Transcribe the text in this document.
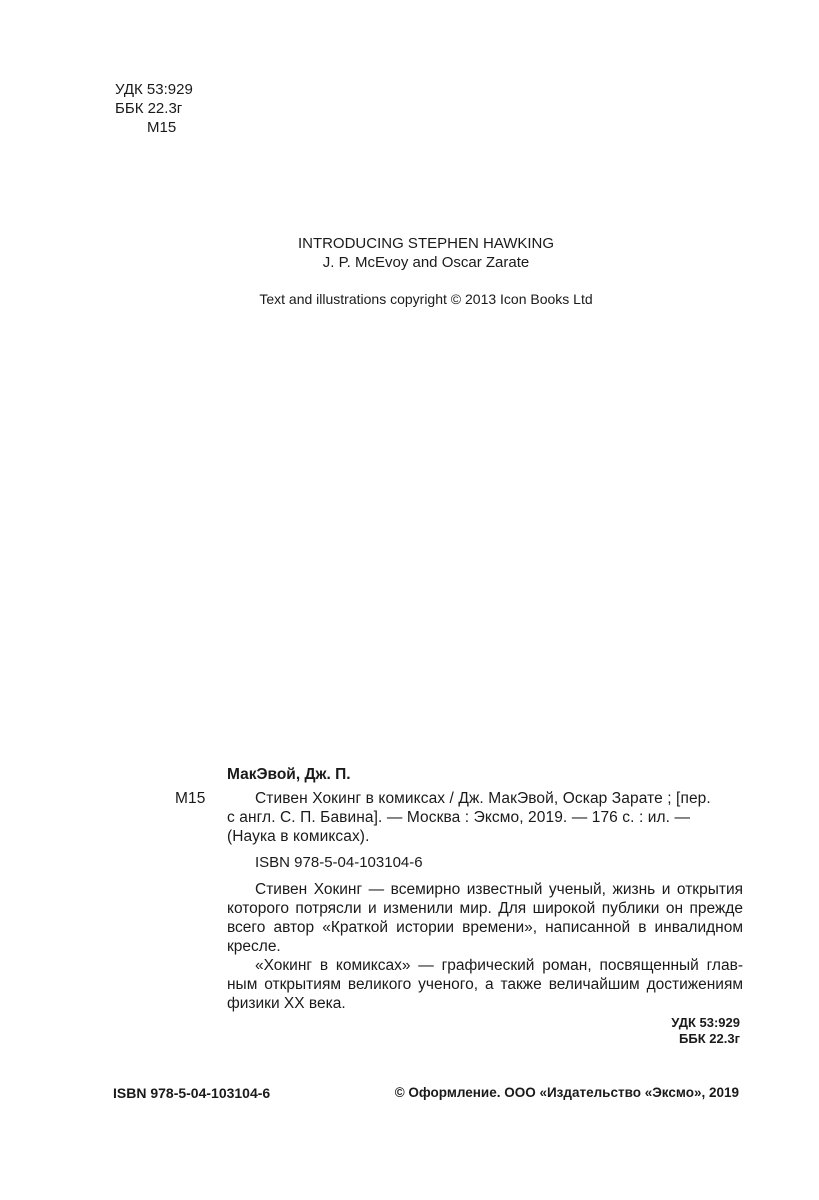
УДК 53:929
ББК 22.3г
М15
INTRODUCING STEPHEN HAWKING
J. P. McEvoy and Oscar Zarate
Text and illustrations copyright © 2013 Icon Books Ltd
МакЭвой, Дж. П.
М15	Стивен Хокинг в комиксах / Дж. МакЭвой, Оскар Зарате ; [пер.
с англ. С. П. Бавина]. — Москва : Эксмо, 2019. — 176 с. : ил. —
(Наука в комиксах).
ISBN 978-5-04-103104-6
Стивен Хокинг — всемирно известный ученый, жизнь и открытия
которого потрясли и изменили мир. Для широкой публики он прежде
всего автор «Краткой истории времени», написанной в инвалидном
кресле.
«Хокинг в комиксах» — графический роман, посвященный глав-
ным открытиям великого ученого, а также величайшим достижениям
физики XX века.
УДК 53:929
ББК 22.3г
ISBN 978-5-04-103104-6	© Оформление. ООО «Издательство «Эксмо», 2019
